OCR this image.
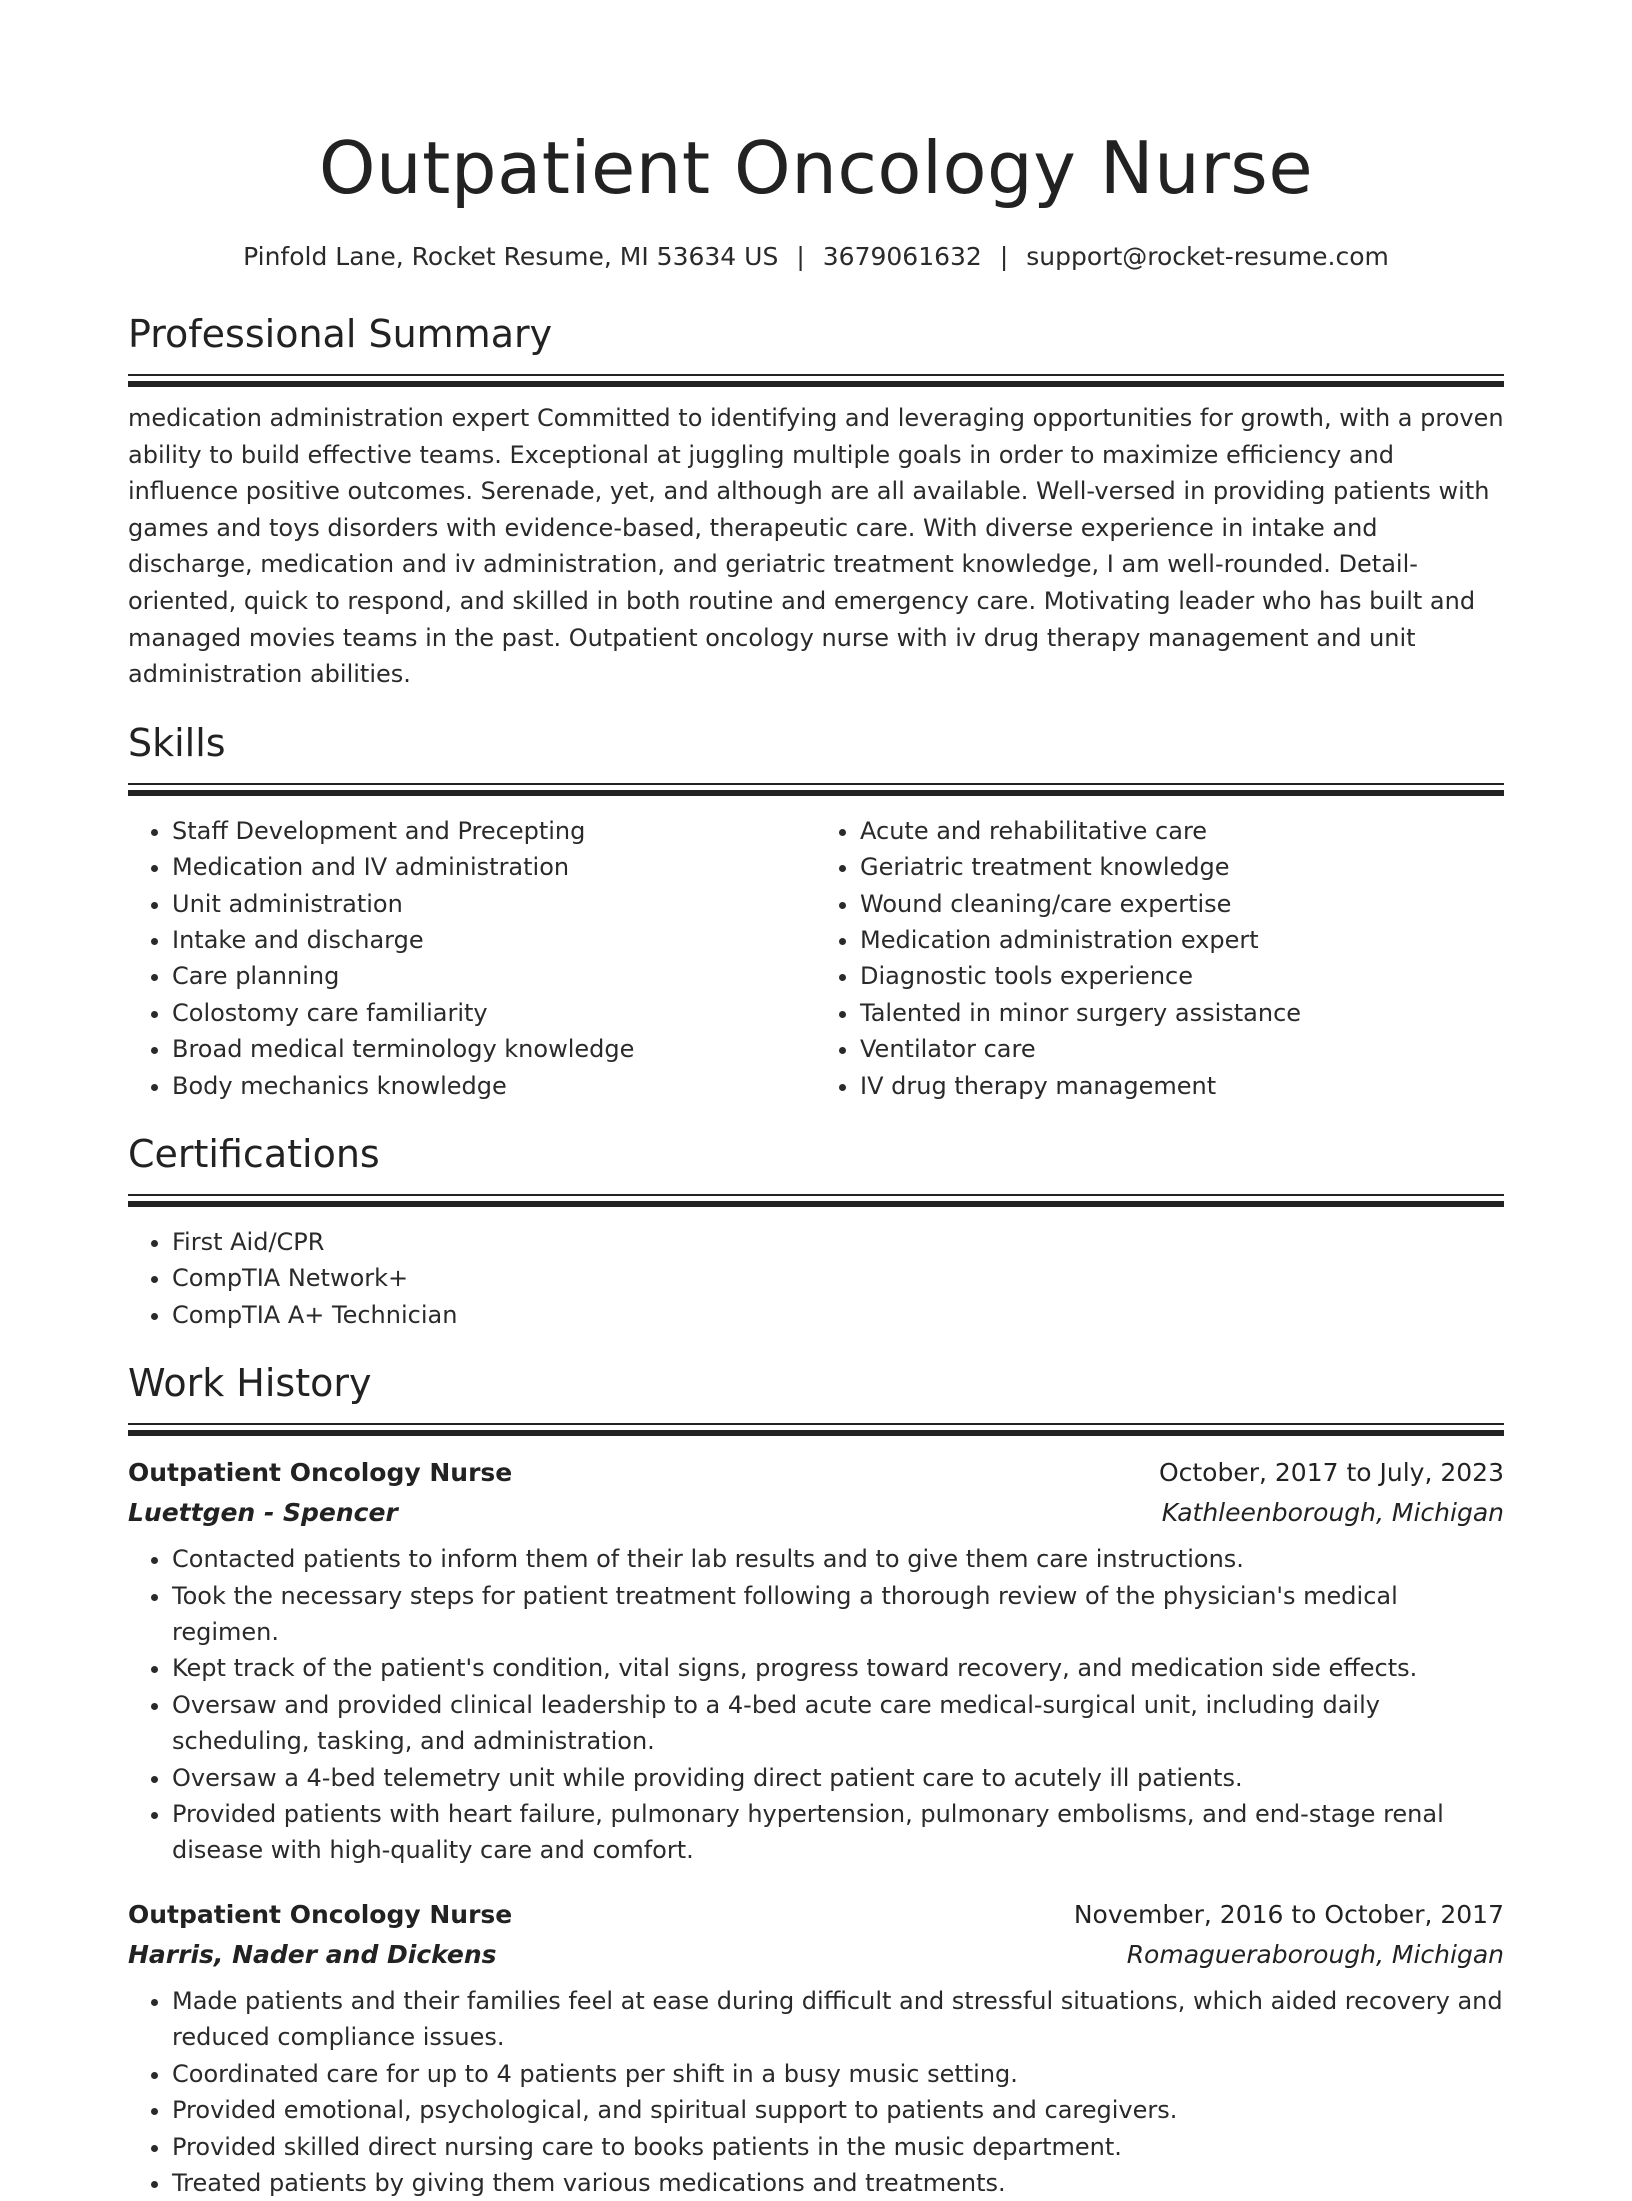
Outpatient Oncology Nurse
Pinfold Lane, Rocket Resume, MI 53634 US | 3679061632 | support@rocket-resume.com
Professional Summary

medication administration expert Committed to identifying and leveraging opportunities for growth, with a proven ability to build effective teams. Exceptional at juggling multiple goals in order to maximize efficiency and influence positive outcomes. Serenade, yet, and although are all available. Well-versed in providing patients with games and toys disorders with evidence-based, therapeutic care. With diverse experience in intake and discharge, medication and iv administration, and geriatric treatment knowledge, I am well-rounded. Detail-oriented, quick to respond, and skilled in both routine and emergency care. Motivating leader who has built and managed movies teams in the past. Outpatient oncology nurse with iv drug therapy management and unit administration abilities.

Skills
• Staff Development and Precepting
• Medication and IV administration
• Unit administration
• Intake and discharge
• Care planning
• Colostomy care familiarity
• Broad medical terminology knowledge
• Body mechanics knowledge
• Acute and rehabilitative care
• Geriatric treatment knowledge
• Wound cleaning/care expertise
• Medication administration expert
• Diagnostic tools experience
• Talented in minor surgery assistance
• Ventilator care
• IV drug therapy management
Certifications
• First Aid/CPR
• CompTIA Network+
• CompTIA A+ Technician
Work History
Outpatient Oncology Nurse	October, 2017 to July, 2023
Luettgen - Spencer	Kathleenborough, Michigan
• Contacted patients to inform them of their lab results and to give them care instructions.
• Took the necessary steps for patient treatment following a thorough review of the physician's medical regimen.
• Kept track of the patient's condition, vital signs, progress toward recovery, and medication side effects.
• Oversaw and provided clinical leadership to a 4-bed acute care medical-surgical unit, including daily scheduling, tasking, and administration.
• Oversaw a 4-bed telemetry unit while providing direct patient care to acutely ill patients.
• Provided patients with heart failure, pulmonary hypertension, pulmonary embolisms, and end-stage renal disease with high-quality care and comfort.
Outpatient Oncology Nurse	November, 2016 to October, 2017
Harris, Nader and Dickens	Romagueraborough, Michigan
• Made patients and their families feel at ease during difficult and stressful situations, which aided recovery and reduced compliance issues.
• Coordinated care for up to 4 patients per shift in a busy music setting.
• Provided emotional, psychological, and spiritual support to patients and caregivers.
• Provided skilled direct nursing care to books patients in the music department.
• Treated patients by giving them various medications and treatments.
